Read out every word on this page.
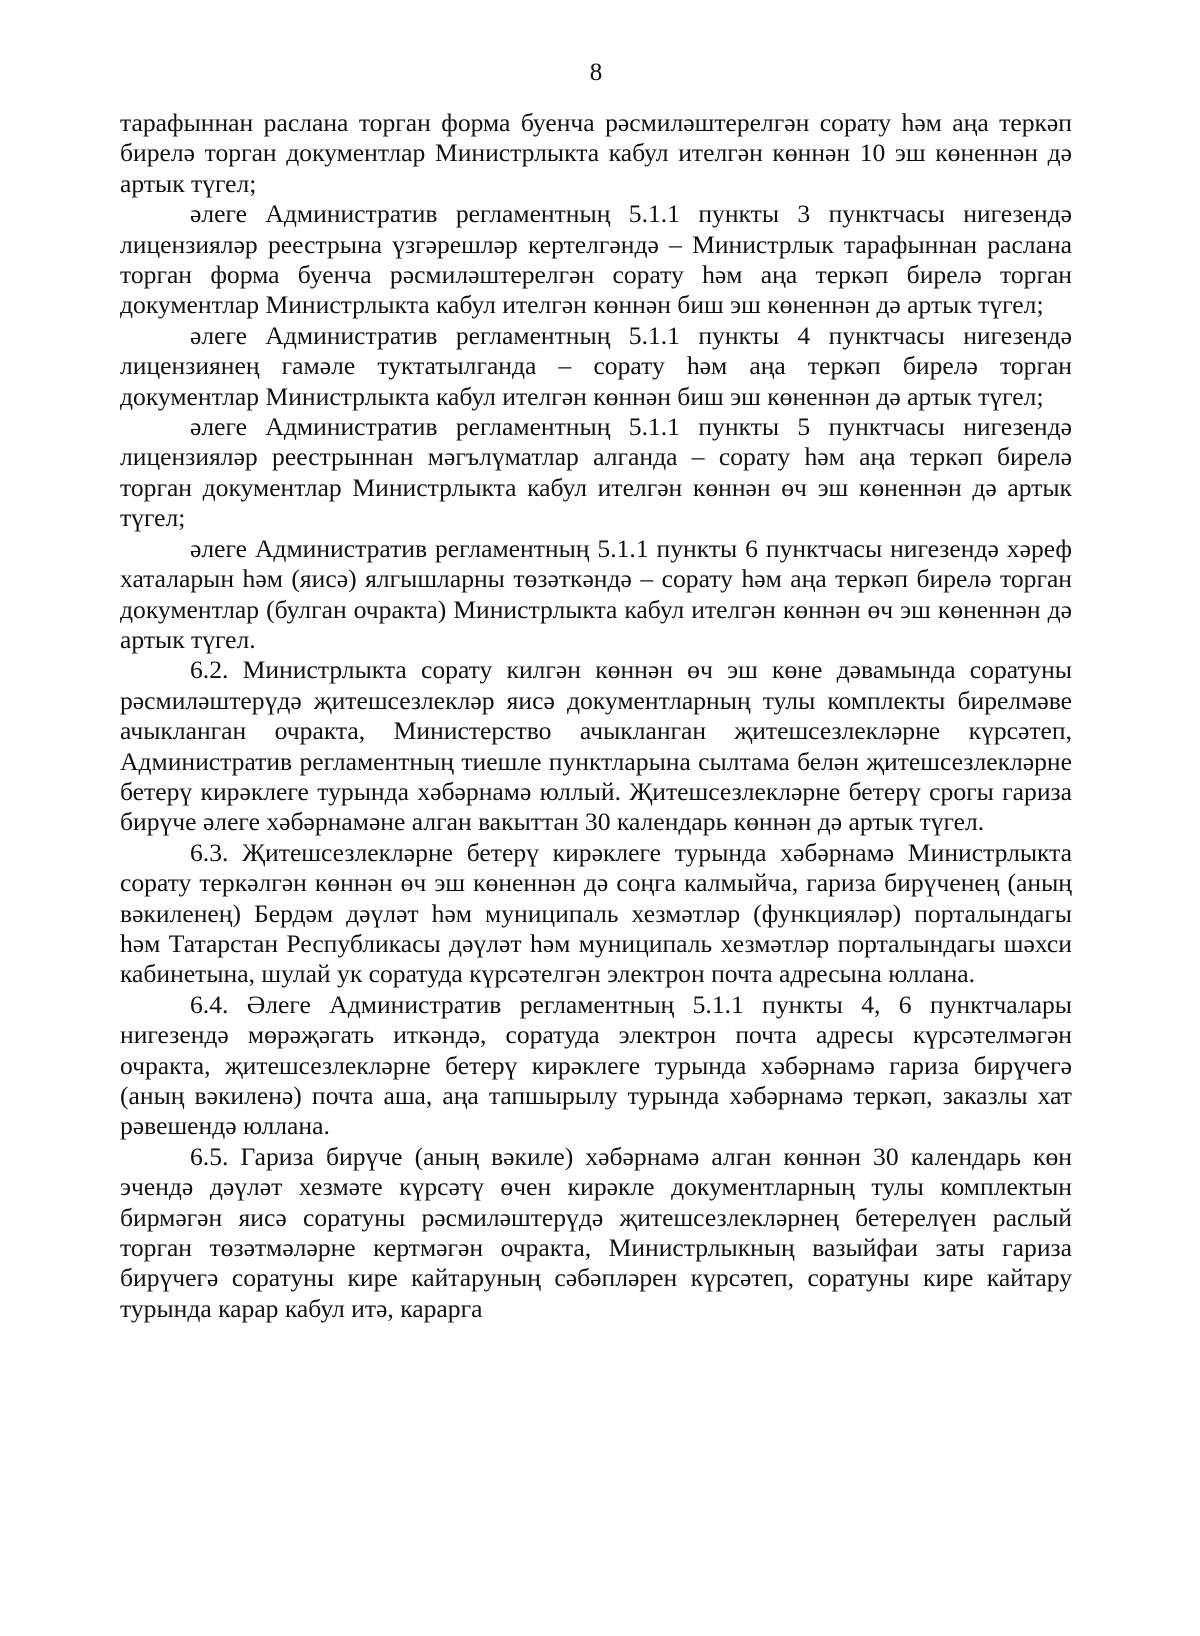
8

тарафыннан раслана торган форма буенча рәсмиләштерелгән сорату һәм аңа теркәп бирелә торган документлар Министрлыкта кабул ителгән көннән 10 эш көненнән дә артык түгел;

әлеге Административ регламентның 5.1.1 пункты 3 пунктчасы нигезендә лицензияләр реестрына үзгәрешләр кертелгәндә – Министрлык тарафыннан раслана торган форма буенча рәсмиләштерелгән сорату һәм аңа теркәп бирелә торган документлар Министрлыкта кабул ителгән көннән биш эш көненнән дә артык түгел;

әлеге Административ регламентның 5.1.1 пункты 4 пунктчасы нигезендә лицензиянең гамәле туктатылганда – сорату һәм аңа теркәп бирелә торган документлар Министрлыкта кабул ителгән көннән биш эш көненнән дә артык түгел;

әлеге Административ регламентның 5.1.1 пункты 5 пунктчасы нигезендә лицензияләр реестрыннан мәгълүматлар алганда – сорату һәм аңа теркәп бирелә торган документлар Министрлыкта кабул ителгән көннән өч эш көненнән дә артык түгел;

әлеге Административ регламентның 5.1.1 пункты 6 пунктчасы нигезендә хәреф хаталарын һәм (яисә) ялгышларны төзәткәндә – сорату һәм аңа теркәп бирелә торган документлар (булган очракта) Министрлыкта кабул ителгән көннән өч эш көненнән дә артык түгел.

6.2. Министрлыкта сорату килгән көннән өч эш көне дәвамында соратуны рәсмиләштерүдә җитешсезлекләр яисә документларның тулы комплекты бирелмәве ачыкланган очракта, Министерство ачыкланган җитешсезлекләрне күрсәтеп, Административ регламентның тиешле пунктларына сылтама белән җитешсезлекләрне бетерү кирәклеге турында хәбәрнамә юллый. Җитешсезлекләрне бетерү срогы гариза бирүче әлеге хәбәрнамәне алган вакыттан 30 календарь көннән дә артык түгел.

6.3. Җитешсезлекләрне бетерү кирәклеге турында хәбәрнамә Министрлыкта сорату теркәлгән көннән өч эш көненнән дә соңга калмыйча, гариза бирүченең (аның вәкиленең) Бердәм дәүләт һәм муниципаль хезмәтләр (функцияләр) порталындагы һәм Татарстан Республикасы дәүләт һәм муниципаль хезмәтләр порталындагы шәхси кабинетына, шулай ук соратуда күрсәтелгән электрон почта адресына юллана.

6.4. Әлеге Административ регламентның 5.1.1 пункты 4, 6 пунктчалары нигезендә мөрәҗәгать иткәндә, соратуда электрон почта адресы күрсәтелмәгән очракта, җитешсезлекләрне бетерү кирәклеге турында хәбәрнамә гариза бирүчегә (аның вәкиленә) почта аша, аңа тапшырылу турында хәбәрнамә теркәп, заказлы хат рәвешендә юллана.

6.5. Гариза бирүче (аның вәкиле) хәбәрнамә алган көннән 30 календарь көн эчендә дәүләт хезмәте күрсәтү өчен кирәкле документларның тулы комплектын бирмәгән яисә соратуны рәсмиләштерүдә җитешсезлекләрнең бетерелүен раслый торган төзәтмәләрне кертмәгән очракта, Министрлыкның вазыйфаи заты гариза бирүчегә соратуны кире кайтаруның сәбәпләрен күрсәтеп, соратуны кире кайтару турында карар кабул итә, карарга
